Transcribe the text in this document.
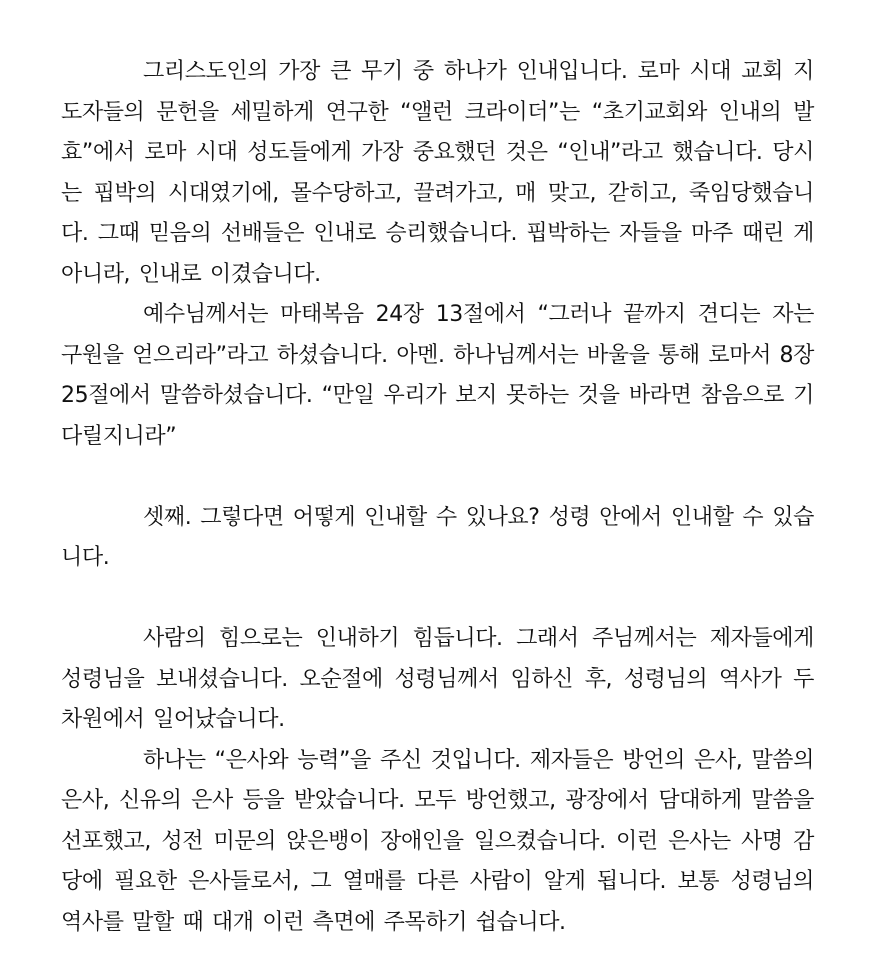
그리스도인의 가장 큰 무기 중 하나가 인내입니다. 로마 시대 교회 지도자들의 문헌을 세밀하게 연구한 “앨런 크라이더”는 “초기교회와 인내의 발효”에서 로마 시대 성도들에게 가장 중요했던 것은 “인내”라고 했습니다. 당시는 핍박의 시대였기에, 몰수당하고, 끌려가고, 매 맞고, 갇히고, 죽임당했습니다. 그때 믿음의 선배들은 인내로 승리했습니다. 핍박하는 자들을 마주 때린 게 아니라, 인내로 이겼습니다.

예수님께서는 마태복음 24장 13절에서 “그러나 끝까지 견디는 자는 구원을 얻으리라”라고 하셨습니다. 아멘. 하나님께서는 바울을 통해 로마서 8장 25절에서 말씀하셨습니다. “만일 우리가 보지 못하는 것을 바라면 참음으로 기다릴지니라”

셋째. 그렇다면 어떻게 인내할 수 있나요? 성령 안에서 인내할 수 있습니다.

사람의 힘으로는 인내하기 힘듭니다. 그래서 주님께서는 제자들에게 성령님을 보내셨습니다. 오순절에 성령님께서 임하신 후, 성령님의 역사가 두 차원에서 일어났습니다.

하나는 “은사와 능력”을 주신 것입니다. 제자들은 방언의 은사, 말씀의 은사, 신유의 은사 등을 받았습니다. 모두 방언했고, 광장에서 담대하게 말씀을 선포했고, 성전 미문의 앉은뱅이 장애인을 일으켰습니다. 이런 은사는 사명 감당에 필요한 은사들로서, 그 열매를 다른 사람이 알게 됩니다. 보통 성령님의 역사를 말할 때 대개 이런 측면에 주목하기 쉽습니다.
